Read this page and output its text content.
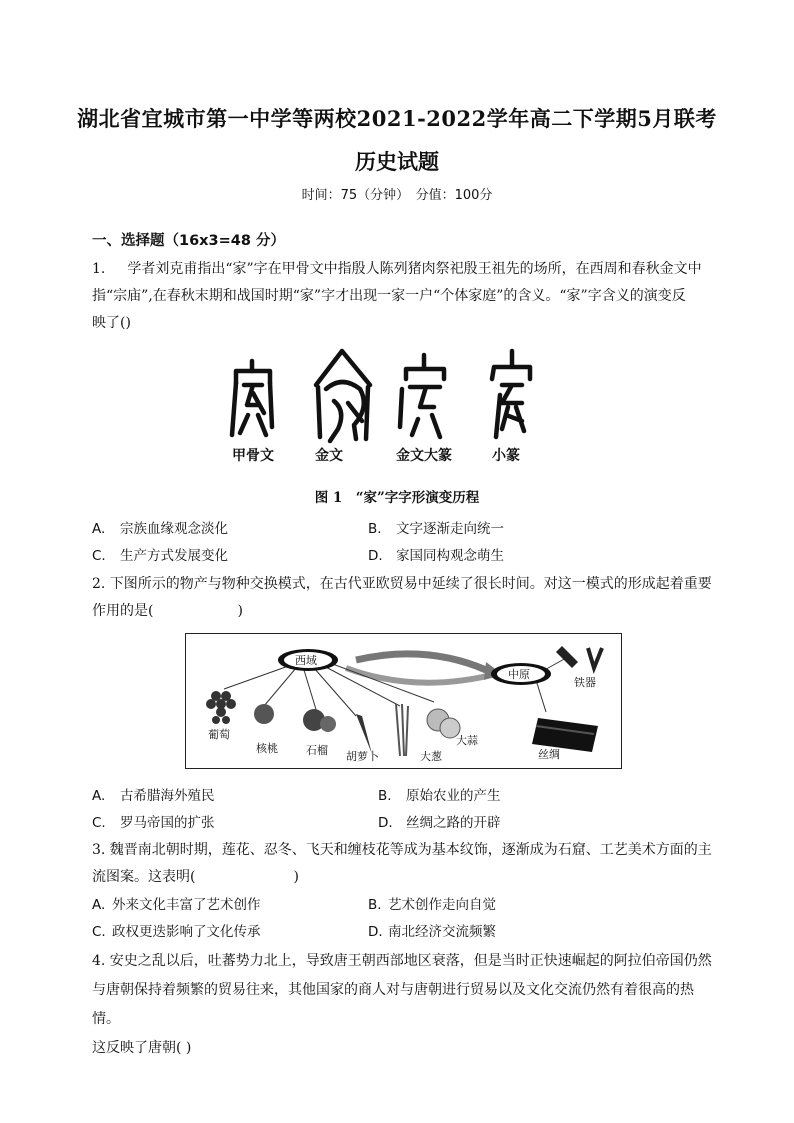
湖北省宜城市第一中学等两校2021-2022学年高二下学期5月联考
历史试题
时间：75（分钟）　分值：100分
一、选择题（16x3=48 分）
1. 学者刘克甫指出“家”字在甲骨文中指殷人陈列猪肉祭祀殷王祖先的场所，在西周和春秋金文中
指“宗庙”,在春秋末期和战国时期“家”字才出现一家一户“个体家庭”的含义。“家”字含义的演变反
映了()
甲骨文	金文	金文大篆	小篆
图 1　“家”字字形演变历程
A. 宗族血缘观念淡化	B. 文字逐渐走向统一
C. 生产方式发展变化	D. 家国同构观念萌生
2. 下图所示的物产与物种交换模式，在古代亚欧贸易中延续了很长时间。对这一模式的形成起着重要
作用的是(　　　　　　)
西域
中原
葡萄
核桃	石榴 胡萝卜	大葱
大蒜
铁器
丝绸
A. 古希腊海外殖民	B. 原始农业的产生
C. 罗马帝国的扩张	D. 丝绸之路的开辟
3. 魏晋南北朝时期，莲花、忍冬、飞天和缠枝花等成为基本纹饰，逐渐成为石窟、工艺美术方面的主
流图案。这表明(　　　　　　　)
A. 外来文化丰富了艺术创作	B. 艺术创作走向自觉
C. 政权更迭影响了文化传承	D. 南北经济交流频繁
4. 安史之乱以后，吐蕃势力北上，导致唐王朝西部地区衰落，但是当时正快速崛起的阿拉伯帝国仍然
与唐朝保持着频繁的贸易往来，其他国家的商人对与唐朝进行贸易以及文化交流仍然有着很高的热情。
这反映了唐朝( )
